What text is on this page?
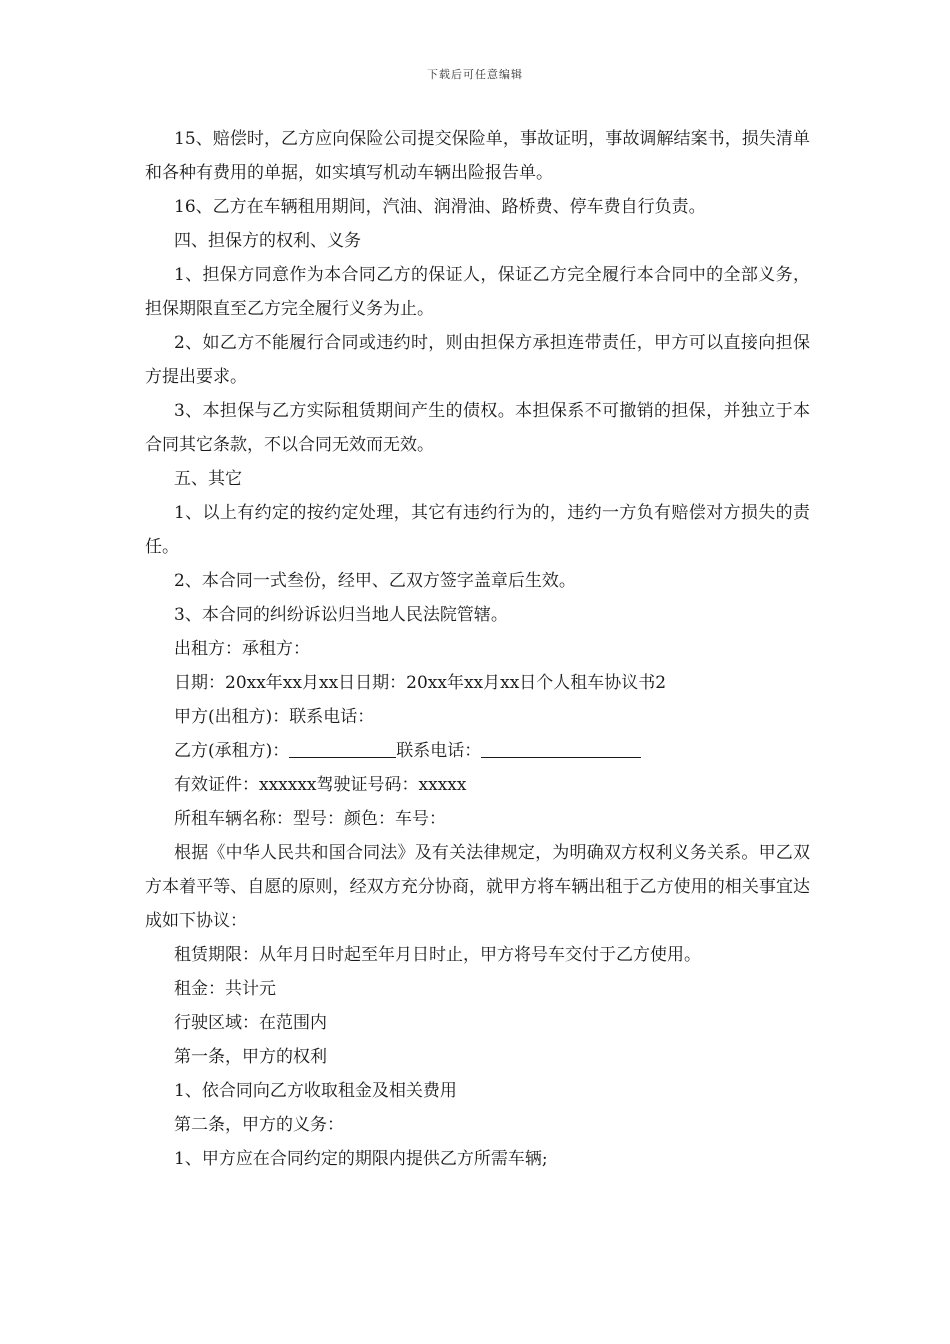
下载后可任意编辑

15、赔偿时，乙方应向保险公司提交保险单，事故证明，事故调解结案书，损失清单和各种有费用的单据，如实填写机动车辆出险报告单。

16、乙方在车辆租用期间，汽油、润滑油、路桥费、停车费自行负责。

四、担保方的权利、义务

1、担保方同意作为本合同乙方的保证人，保证乙方完全履行本合同中的全部义务，担保期限直至乙方完全履行义务为止。

2、如乙方不能履行合同或违约时，则由担保方承担连带责任，甲方可以直接向担保方提出要求。

3、本担保与乙方实际租赁期间产生的债权。本担保系不可撤销的担保，并独立于本合同其它条款，不以合同无效而无效。

五、其它

1、以上有约定的按约定处理，其它有违约行为的，违约一方负有赔偿对方损失的责任。

2、本合同一式叁份，经甲、乙双方签字盖章后生效。

3、本合同的纠纷诉讼归当地人民法院管辖。

出租方：承租方：

日期：20xx年xx月xx日日期：20xx年xx月xx日个人租车协议书2

甲方(出租方)：联系电话：

乙方(承租方)：	联系电话：

有效证件：xxxxxx驾驶证号码：xxxxx

所租车辆名称：型号：颜色：车号：

根据《中华人民共和国合同法》及有关法律规定，为明确双方权利义务关系。甲乙双方本着平等、自愿的原则，经双方充分协商，就甲方将车辆出租于乙方使用的相关事宜达成如下协议：

租赁期限：从年月日时起至年月日时止，甲方将号车交付于乙方使用。

租金：共计元

行驶区域：在范围内

第一条，甲方的权利

1、依合同向乙方收取租金及相关费用

第二条，甲方的义务：

1、甲方应在合同约定的期限内提供乙方所需车辆;
